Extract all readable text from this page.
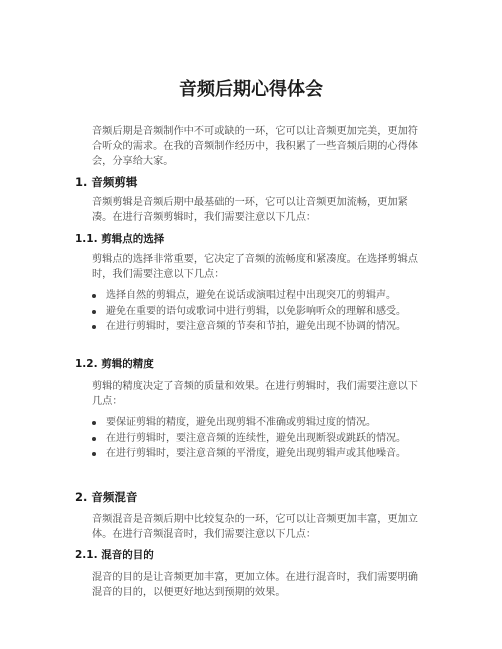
音频后期心得体会

音频后期是音频制作中不可或缺的一环，它可以让音频更加完美，更加符合听众的需求。在我的音频制作经历中，我积累了一些音频后期的心得体会，分享给大家。

1. 音频剪辑

音频剪辑是音频后期中最基础的一环，它可以让音频更加流畅，更加紧凑。在进行音频剪辑时，我们需要注意以下几点：

1.1. 剪辑点的选择

剪辑点的选择非常重要，它决定了音频的流畅度和紧凑度。在选择剪辑点时，我们需要注意以下几点：

选择自然的剪辑点，避免在说话或演唱过程中出现突兀的剪辑声。
避免在重要的语句或歌词中进行剪辑，以免影响听众的理解和感受。
在进行剪辑时，要注意音频的节奏和节拍，避免出现不协调的情况。
1.2. 剪辑的精度

剪辑的精度决定了音频的质量和效果。在进行剪辑时，我们需要注意以下几点：

要保证剪辑的精度，避免出现剪辑不准确或剪辑过度的情况。
在进行剪辑时，要注意音频的连续性，避免出现断裂或跳跃的情况。
在进行剪辑时，要注意音频的平滑度，避免出现剪辑声或其他噪音。
2. 音频混音

音频混音是音频后期中比较复杂的一环，它可以让音频更加丰富，更加立体。在进行音频混音时，我们需要注意以下几点：

2.1. 混音的目的

混音的目的是让音频更加丰富，更加立体。在进行混音时，我们需要明确混音的目的，以便更好地达到预期的效果。
